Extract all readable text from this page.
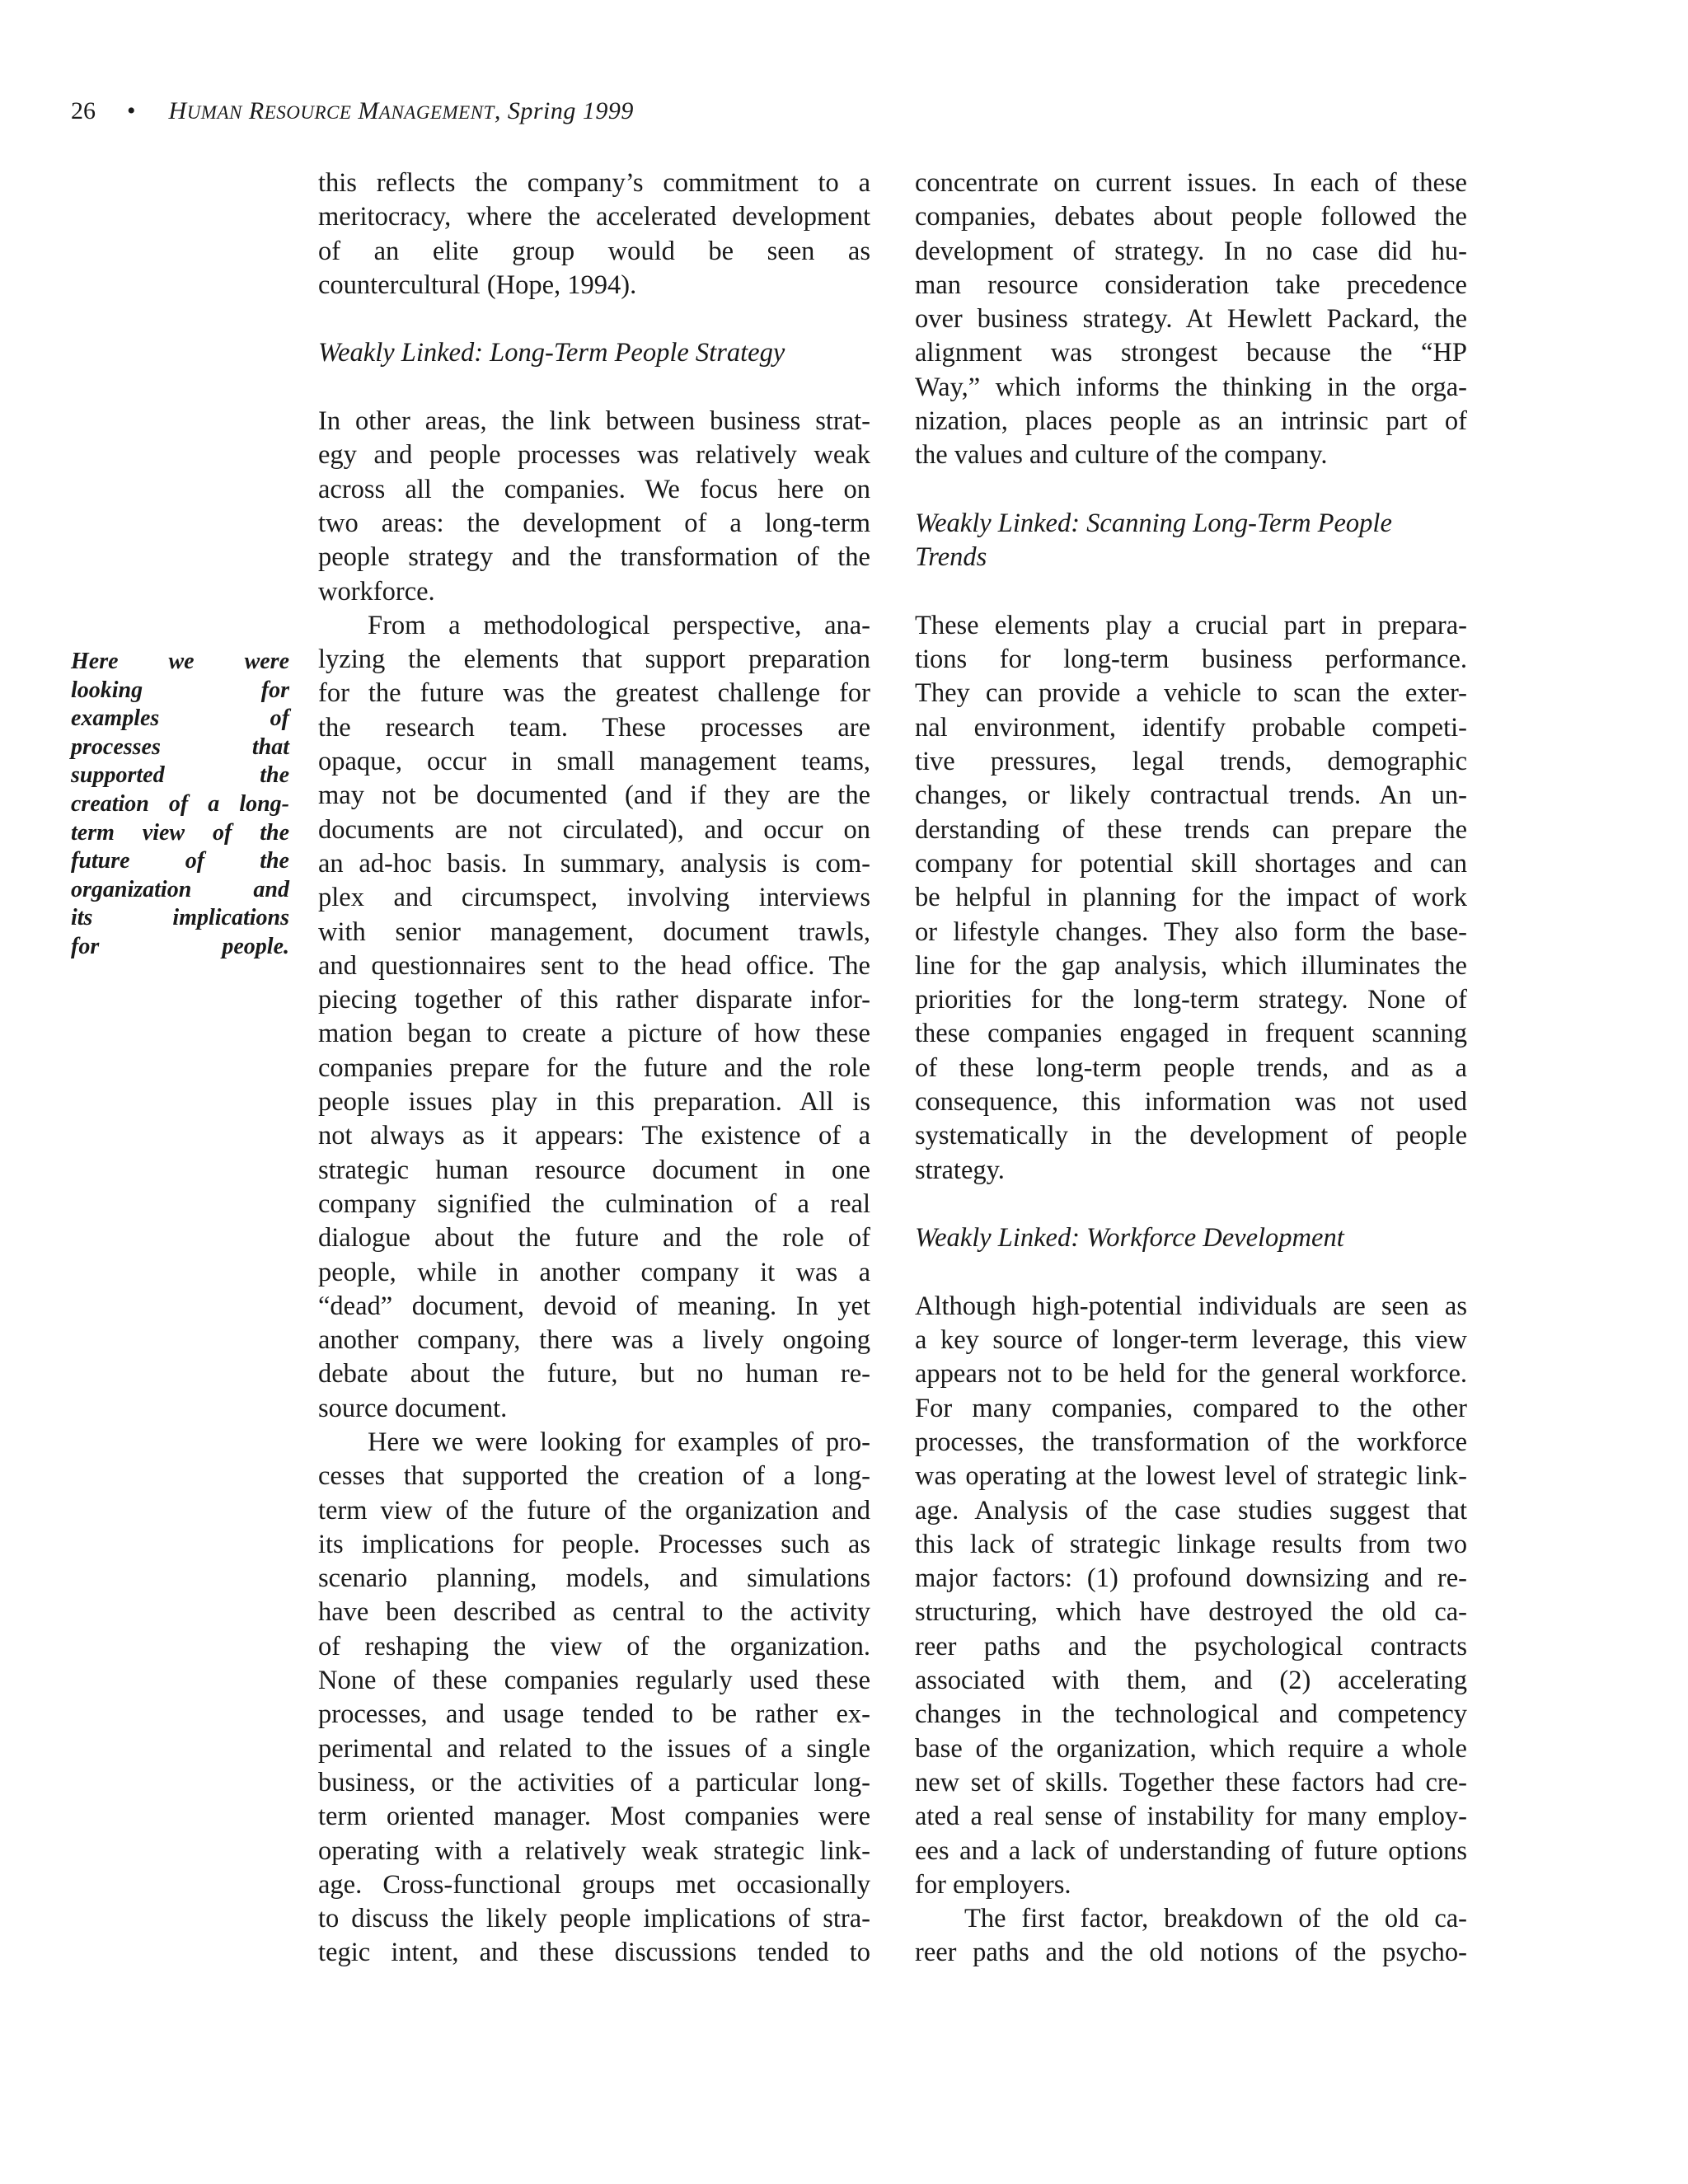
26 • HUMAN RESOURCE MANAGEMENT, Spring 1999
Here we were
looking for
examples of
processes that
supported the
creation of a long-
term view of the
future of the
organization and
its implications
for people.
this reflects the company’s commitment to a
meritocracy, where the accelerated development
of an elite group would be seen as
countercultural (Hope, 1994).
Weakly Linked: Long-Term People Strategy
In other areas, the link between business strat-
egy and people processes was relatively weak
across all the companies. We focus here on
two areas: the development of a long-term
people strategy and the transformation of the
workforce.
From a methodological perspective, ana-
lyzing the elements that support preparation
for the future was the greatest challenge for
the research team. These processes are
opaque, occur in small management teams,
may not be documented (and if they are the
documents are not circulated), and occur on
an ad-hoc basis. In summary, analysis is com-
plex and circumspect, involving interviews
with senior management, document trawls,
and questionnaires sent to the head office. The
piecing together of this rather disparate infor-
mation began to create a picture of how these
companies prepare for the future and the role
people issues play in this preparation. All is
not always as it appears: The existence of a
strategic human resource document in one
company signified the culmination of a real
dialogue about the future and the role of
people, while in another company it was a
“dead” document, devoid of meaning. In yet
another company, there was a lively ongoing
debate about the future, but no human re-
source document.
Here we were looking for examples of pro-
cesses that supported the creation of a long-
term view of the future of the organization and
its implications for people. Processes such as
scenario planning, models, and simulations
have been described as central to the activity
of reshaping the view of the organization.
None of these companies regularly used these
processes, and usage tended to be rather ex-
perimental and related to the issues of a single
business, or the activities of a particular long-
term oriented manager. Most companies were
operating with a relatively weak strategic link-
age. Cross-functional groups met occasionally
to discuss the likely people implications of stra-
tegic intent, and these discussions tended to
concentrate on current issues. In each of these
companies, debates about people followed the
development of strategy. In no case did hu-
man resource consideration take precedence
over business strategy. At Hewlett Packard, the
alignment was strongest because the “HP
Way,” which informs the thinking in the orga-
nization, places people as an intrinsic part of
the values and culture of the company.
Weakly Linked: Scanning Long-Term People
Trends
These elements play a crucial part in prepara-
tions for long-term business performance.
They can provide a vehicle to scan the exter-
nal environment, identify probable competi-
tive pressures, legal trends, demographic
changes, or likely contractual trends. An un-
derstanding of these trends can prepare the
company for potential skill shortages and can
be helpful in planning for the impact of work
or lifestyle changes. They also form the base-
line for the gap analysis, which illuminates the
priorities for the long-term strategy. None of
these companies engaged in frequent scanning
of these long-term people trends, and as a
consequence, this information was not used
systematically in the development of people
strategy.
Weakly Linked: Workforce Development
Although high-potential individuals are seen as
a key source of longer-term leverage, this view
appears not to be held for the general workforce.
For many companies, compared to the other
processes, the transformation of the workforce
was operating at the lowest level of strategic link-
age. Analysis of the case studies suggest that
this lack of strategic linkage results from two
major factors: (1) profound downsizing and re-
structuring, which have destroyed the old ca-
reer paths and the psychological contracts
associated with them, and (2) accelerating
changes in the technological and competency
base of the organization, which require a whole
new set of skills. Together these factors had cre-
ated a real sense of instability for many employ-
ees and a lack of understanding of future options
for employers.
The first factor, breakdown of the old ca-
reer paths and the old notions of the psycho-
